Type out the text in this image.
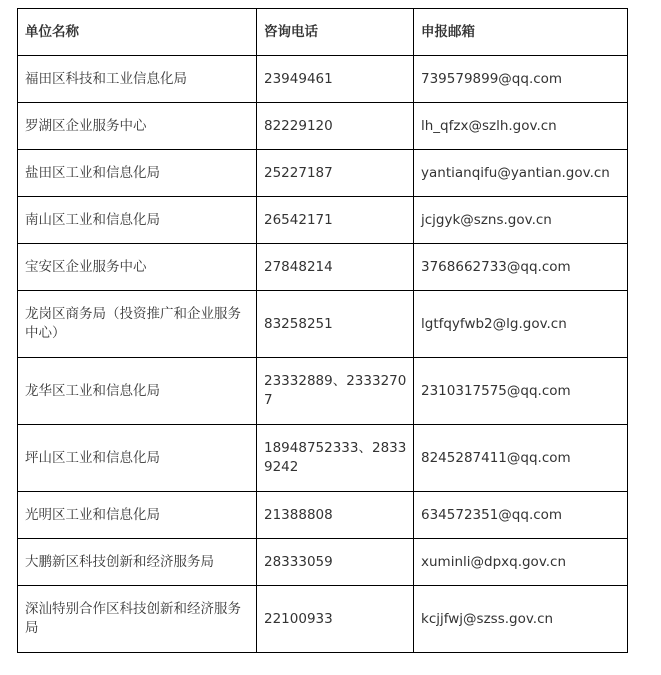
单位名称	咨询电话	申报邮箱
福田区科技和工业信息化局	23949461	739579899@qq.com
罗湖区企业服务中心	82229120	lh_qfzx@szlh.gov.cn
盐田区工业和信息化局	25227187	yantianqifu@yantian.gov.cn
南山区工业和信息化局	26542171	jcjgyk@szns.gov.cn
宝安区企业服务中心	27848214	3768662733@qq.com
龙岗区商务局（投资推广和企业服务中心）	83258251	lgtfqyfwb2@lg.gov.cn
龙华区工业和信息化局	23332889、23332707	2310317575@qq.com
坪山区工业和信息化局	18948752333、28339242	8245287411@qq.com
光明区工业和信息化局	21388808	634572351@qq.com
大鹏新区科技创新和经济服务局	28333059	xuminli@dpxq.gov.cn
深汕特别合作区科技创新和经济服务局	22100933	kcjjfwj@szss.gov.cn
